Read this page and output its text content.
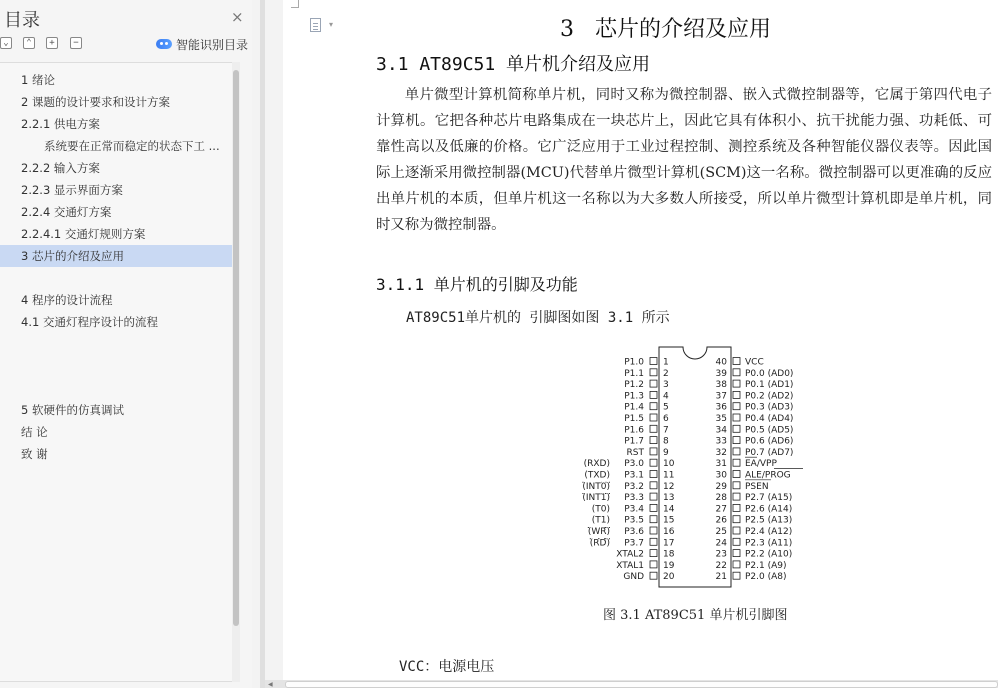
目录	×
⌄	⌃	+	−	智能识别目录
1 绪论
2 课题的设计要求和设计方案
2.2.1 供电方案
系统要在正常而稳定的状态下工 ...
2.2.2 输入方案
2.2.3 显示界面方案
2.2.4 交通灯方案
2.2.4.1 交通灯规则方案
3 芯片的介绍及应用
4 程序的设计流程
4.1 交通灯程序设计的流程
5 软硬件的仿真调试
结 论
致 谢
▾	3   芯片的介绍及应用
3.1 AT89C51 单片机介绍及应用
单片微型计算机简称单片机，同时又称为微控制器、嵌入式微控制器等，它属于第四代电子计算机。它把各种芯片电路集成在一块芯片上，因此它具有体积小、抗干扰能力强、功耗低、可靠性高以及低廉的价格。它广泛应用于工业过程控制、测控系统及各种智能仪器仪表等。因此国际上逐渐采用微控制器(MCU)代替单片微型计算机(SCM)这一名称。微控制器可以更准确的反应出单片机的本质，但单片机这一名称以为大多数人所接受，所以单片微型计算机即是单片机，同时又称为微控制器。
3.1.1 单片机的引脚及功能
AT89C51单片机的 引脚图如图 3.1 所示
P1.0 1
P1.1 2
P1.2 3
P1.3 4
P1.4 5
P1.5 6
P1.6 7
P1.7 8
RST 9
P3.0 10
(RXD)
P3.1 11
(TXD)
P3.2 12
(INT0)
P3.3 13
(INT1)
P3.4 14
(T0)
P3.5 15
(T1)
P3.6 16
(WR)
P3.7 17
(RD)
XTAL2 18
XTAL1 19
GND 20
40 VCC
39 P0.0 (AD0)
38 P0.1 (AD1)
37 P0.2 (AD2)
36 P0.3 (AD3)
35 P0.4 (AD4)
34 P0.5 (AD5)
33 P0.6 (AD6)
32 P0.7 (AD7)
31 EA/VPP
30 ALE/PROG
29 PSEN
28 P2.7 (A15)
27 P2.6 (A14)
26 P2.5 (A13)
25 P2.4 (A12)
24 P2.3 (A11)
23 P2.2 (A10)
22 P2.1 (A9)
21 P2.0 (A8)
图 3.1 AT89C51 单片机引脚图
VCC：电源电压
◀
